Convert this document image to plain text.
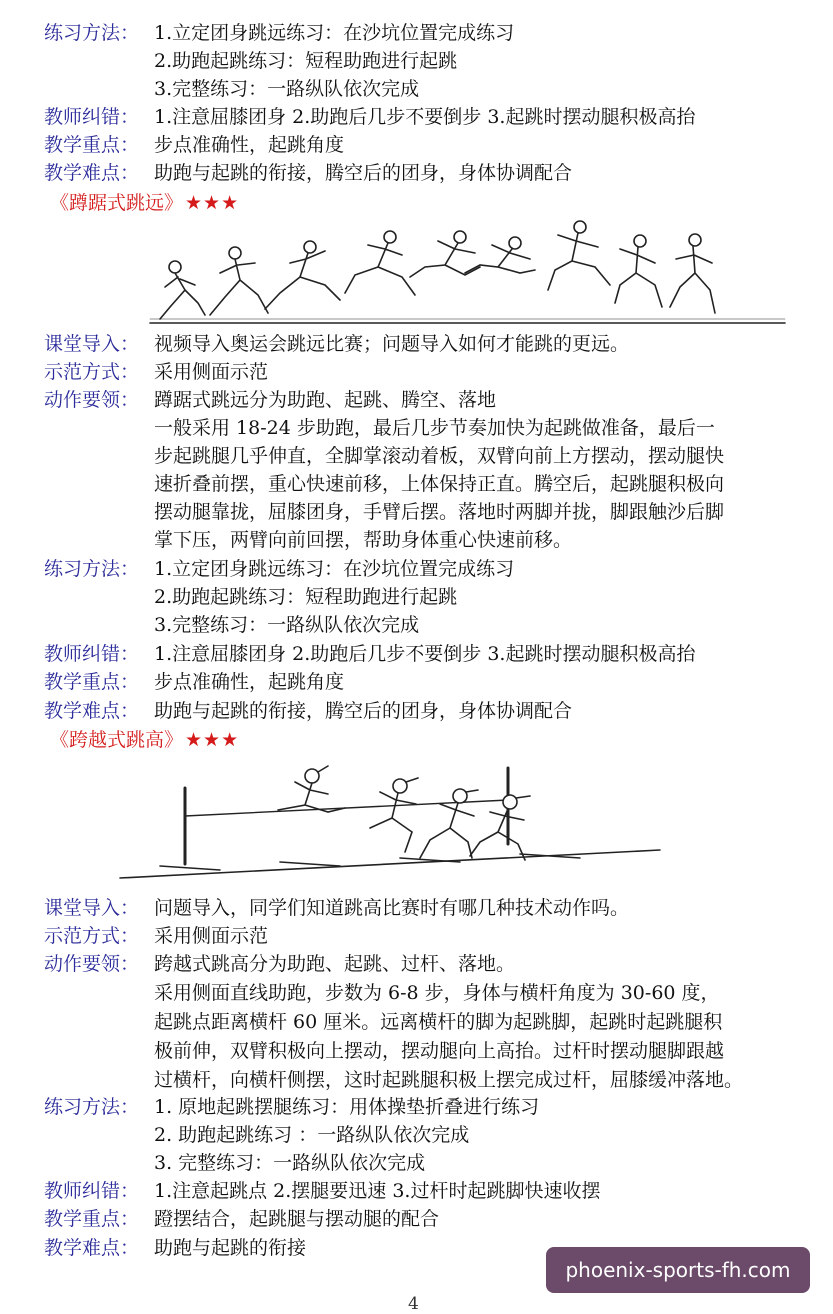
练习方法： 1.立定团身跳远练习：在沙坑位置完成练习
2.助跑起跳练习：短程助跑进行起跳
3.完整练习：一路纵队依次完成
教师纠错： 1.注意屈膝团身 2.助跑后几步不要倒步 3.起跳时摆动腿积极高抬
教学重点： 步点准确性，起跳角度
教学难点： 助跑与起跳的衔接，腾空后的团身，身体协调配合
《蹲踞式跳远》 ★★★
课堂导入： 视频导入奥运会跳远比赛；问题导入如何才能跳的更远。
示范方式： 采用侧面示范
动作要领： 蹲踞式跳远分为助跑、起跳、腾空、落地
一般采用 18-24 步助跑，最后几步节奏加快为起跳做准备，最后一
步起跳腿几乎伸直，全脚掌滚动着板，双臂向前上方摆动，摆动腿快
速折叠前摆，重心快速前移，上体保持正直。腾空后，起跳腿积极向
摆动腿靠拢，屈膝团身，手臂后摆。落地时两脚并拢，脚跟触沙后脚
掌下压，两臂向前回摆，帮助身体重心快速前移。
练习方法： 1.立定团身跳远练习：在沙坑位置完成练习
2.助跑起跳练习：短程助跑进行起跳
3.完整练习：一路纵队依次完成
教师纠错： 1.注意屈膝团身 2.助跑后几步不要倒步 3.起跳时摆动腿积极高抬
教学重点： 步点准确性，起跳角度
教学难点： 助跑与起跳的衔接，腾空后的团身，身体协调配合
《跨越式跳高》 ★★★
课堂导入： 问题导入，同学们知道跳高比赛时有哪几种技术动作吗。
示范方式： 采用侧面示范
动作要领： 跨越式跳高分为助跑、起跳、过杆、落地。
采用侧面直线助跑，步数为 6-8 步，身体与横杆角度为 30-60 度，
起跳点距离横杆 60 厘米。远离横杆的脚为起跳脚，起跳时起跳腿积
极前伸，双臂积极向上摆动，摆动腿向上高抬。过杆时摆动腿脚跟越
过横杆，向横杆侧摆，这时起跳腿积极上摆完成过杆，屈膝缓冲落地。
练习方法： 1. 原地起跳摆腿练习：用体操垫折叠进行练习
2. 助跑起跳练习 ：一路纵队依次完成
3. 完整练习：一路纵队依次完成
教师纠错： 1.注意起跳点 2.摆腿要迅速 3.过杆时起跳脚快速收摆
教学重点： 蹬摆结合，起跳腿与摆动腿的配合
教学难点： 助跑与起跳的衔接
phoenix-sports-fh.com
4
